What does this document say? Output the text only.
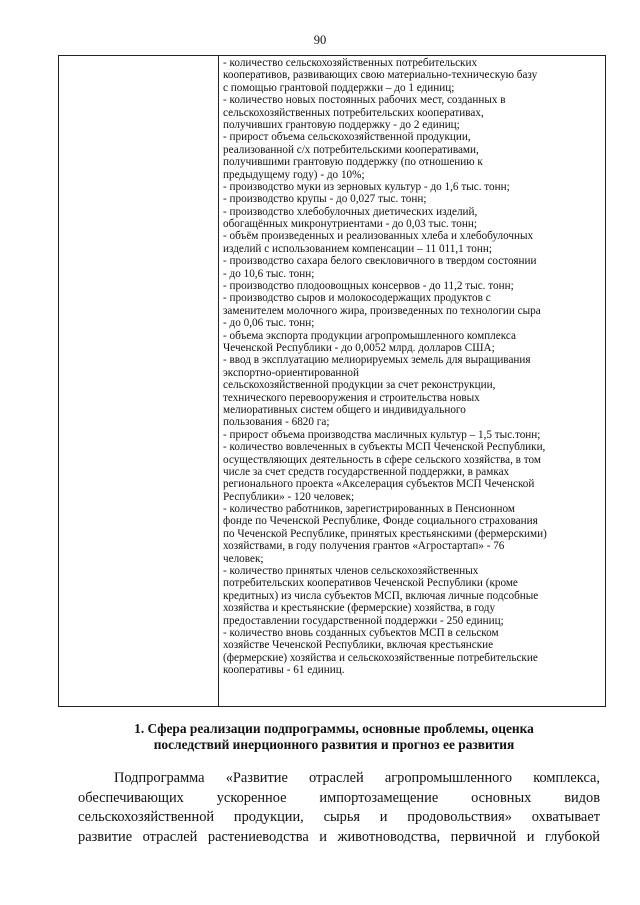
90
- количество сельскохозяйственных потребительских
кооперативов, развивающих свою материально-техническую базу
с помощью грантовой поддержки – до 1 единиц;
- количество новых постоянных рабочих мест, созданных в
сельскохозяйственных потребительских кооперативах,
получивших грантовую поддержку - до 2 единиц;
- прирост объема сельскохозяйственной продукции,
реализованной с/х потребительскими кооперативами,
получившими грантовую поддержку (по отношению к
предыдущему году) - до 10%;
- производство муки из зерновых культур - до 1,6 тыс. тонн;
- производство крупы - до 0,027 тыс. тонн;
- производство хлебобулочных диетических изделий,
обогащённых микронутриентами - до 0,03 тыс. тонн;
- объём произведенных и реализованных хлеба и хлебобулочных
изделий с использованием компенсации – 11 011,1 тонн;
- производство сахара белого свекловичного в твердом состоянии
- до 10,6 тыс. тонн;
- производство плодоовощных консервов - до 11,2 тыс. тонн;
- производство сыров и молокосодержащих продуктов с
заменителем молочного жира, произведенных по технологии сыра
- до 0,06 тыс. тонн;
- объема экспорта продукции агропромышленного комплекса
Чеченской Республики - до 0,0052 млрд. долларов США;
- ввод в эксплуатацию мелиорируемых земель для выращивания
экспортно-ориентированной
сельскохозяйственной продукции за счет реконструкции,
технического перевооружения и строительства новых
мелиоративных систем общего и индивидуального
пользования - 6820 га;
- прирост объема производства масличных культур – 1,5 тыс.тонн;
- количество вовлеченных в субъекты МСП Чеченской Республики,
осуществляющих деятельность в сфере сельского хозяйства, в том
числе за счет средств государственной поддержки, в рамках
регионального проекта «Акселерация субъектов МСП Чеченской
Республики» - 120 человек;
- количество работников, зарегистрированных в Пенсионном
фонде по Чеченской Республике, Фонде социального страхования
по Чеченской Республике, принятых крестьянскими (фермерскими)
хозяйствами, в году получения грантов «Агростартап» - 76
человек;
- количество принятых членов сельскохозяйственных
потребительских кооперативов Чеченской Республики (кроме
кредитных) из числа субъектов МСП, включая личные подсобные
хозяйства и крестьянские (фермерские) хозяйства, в году
предоставлении государственной поддержки - 250 единиц;
- количество вновь созданных субъектов МСП в сельском
хозяйстве Чеченской Республики, включая крестьянские
(фермерские) хозяйства и сельскохозяйственные потребительские
кооперативы - 61 единиц.
1. Сфера реализации подпрограммы, основные проблемы, оценка
последствий инерционного развития и прогноз ее развития
Подпрограмма «Развитие отраслей агропромышленного комплекса,
обеспечивающих ускоренное импортозамещение основных видов
сельскохозяйственной продукции, сырья и продовольствия» охватывает
развитие отраслей растениеводства и животноводства, первичной и глубокой
